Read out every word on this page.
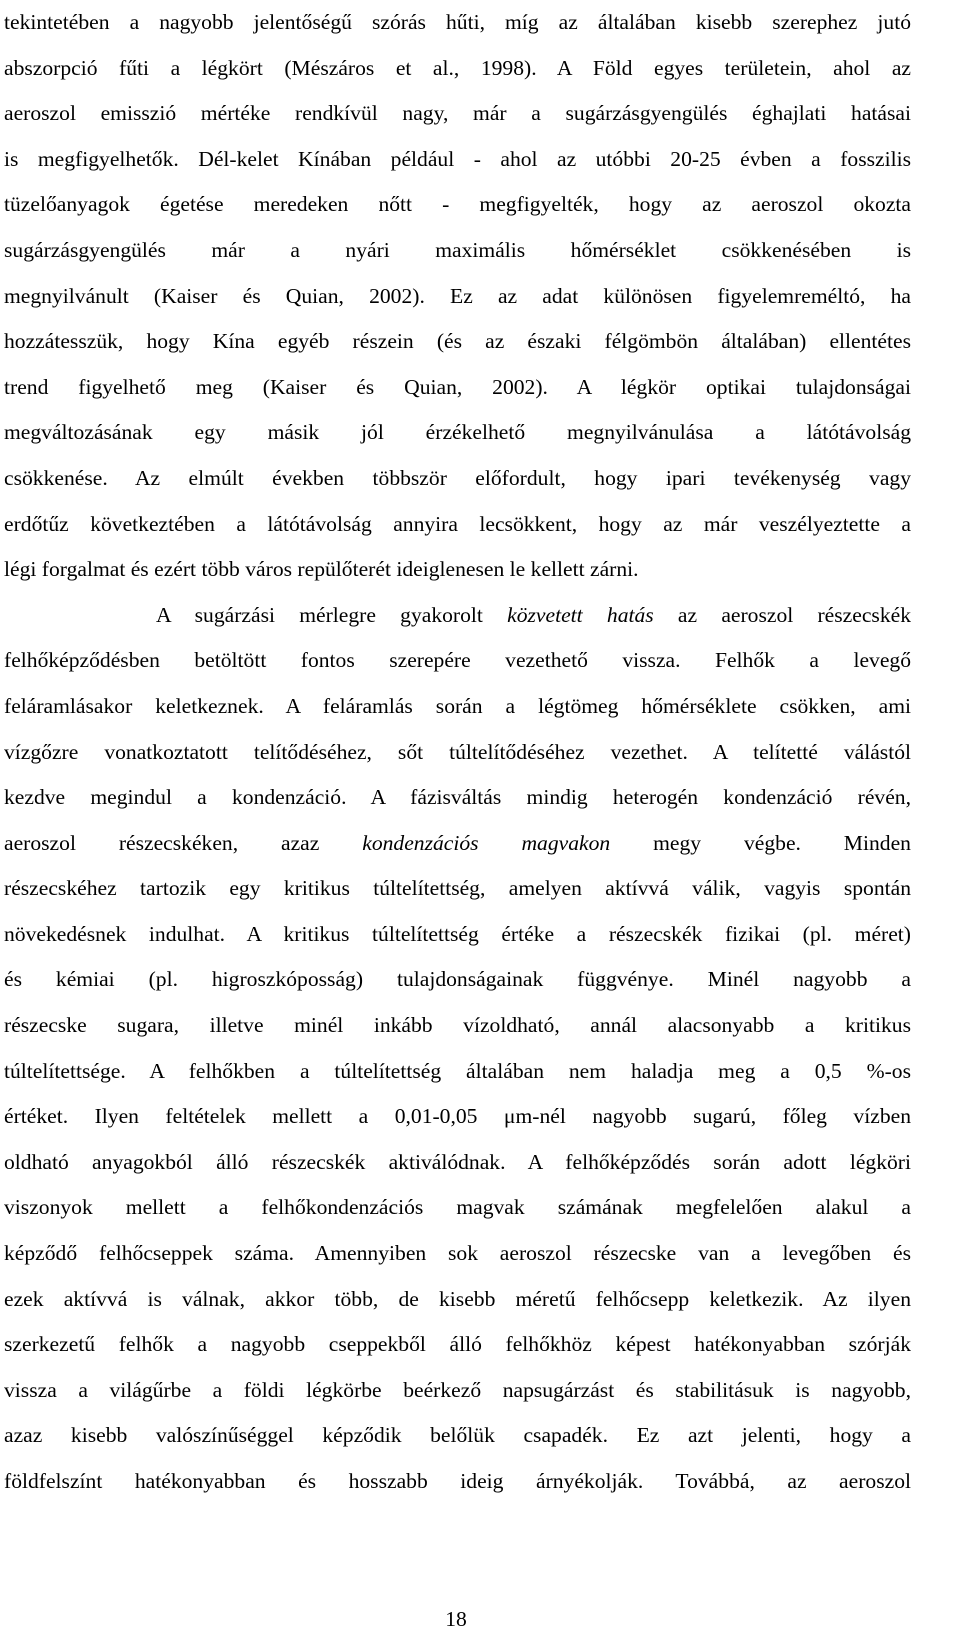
tekintetében a nagyobb jelentőségű szórás hűti, míg az általában kisebb szerephez jutó
abszorpció fűti a légkört (Mészáros et al., 1998). A Föld egyes területein, ahol az
aeroszol emisszió mértéke rendkívül nagy, már a sugárzásgyengülés éghajlati hatásai
is megfigyelhetők. Dél-kelet Kínában például - ahol az utóbbi 20-25 évben a fosszilis
tüzelőanyagok égetése meredeken nőtt - megfigyelték, hogy az aeroszol okozta
sugárzásgyengülés már a nyári maximális hőmérséklet csökkenésében is
megnyilvánult (Kaiser és Quian, 2002). Ez az adat különösen figyelemreméltó, ha
hozzátesszük, hogy Kína egyéb részein (és az északi félgömbön általában) ellentétes
trend figyelhető meg (Kaiser és Quian, 2002). A légkör optikai tulajdonságai
megváltozásának egy másik jól érzékelhető megnyilvánulása a látótávolság
csökkenése. Az elmúlt években többször előfordult, hogy ipari tevékenység vagy
erdőtűz következtében a látótávolság annyira lecsökkent, hogy az már veszélyeztette a
légi forgalmat és ezért több város repülőterét ideiglenesen le kellett zárni.
A sugárzási mérlegre gyakorolt közvetett hatás az aeroszol részecskék
felhőképződésben betöltött fontos szerepére vezethető vissza. Felhők a levegő
feláramlásakor keletkeznek. A feláramlás során a légtömeg hőmérséklete csökken, ami
vízgőzre vonatkoztatott telítődéséhez, sőt túltelítődéséhez vezethet. A telítetté válástól
kezdve megindul a kondenzáció. A fázisváltás mindig heterogén kondenzáció révén,
aeroszol részecskéken, azaz kondenzációs magvakon megy végbe. Minden
részecskéhez tartozik egy kritikus túltelítettség, amelyen aktívvá válik, vagyis spontán
növekedésnek indulhat. A kritikus túltelítettség értéke a részecskék fizikai (pl. méret)
és kémiai (pl. higroszkóposság) tulajdonságainak függvénye. Minél nagyobb a
részecske sugara, illetve minél inkább vízoldható, annál alacsonyabb a kritikus
túltelítettsége. A felhőkben a túltelítettség általában nem haladja meg a 0,5 %-os
értéket. Ilyen feltételek mellett a 0,01-0,05 μm-nél nagyobb sugarú, főleg vízben
oldható anyagokból álló részecskék aktiválódnak. A felhőképződés során adott légköri
viszonyok mellett a felhőkondenzációs magvak számának megfelelően alakul a
képződő felhőcseppek száma. Amennyiben sok aeroszol részecske van a levegőben és
ezek aktívvá is válnak, akkor több, de kisebb méretű felhőcsepp keletkezik. Az ilyen
szerkezetű felhők a nagyobb cseppekből álló felhőkhöz képest hatékonyabban szórják
vissza a világűrbe a földi légkörbe beérkező napsugárzást és stabilitásuk is nagyobb,
azaz kisebb valószínűséggel képződik belőlük csapadék. Ez azt jelenti, hogy a
földfelszínt hatékonyabban és hosszabb ideig árnyékolják. Továbbá, az aeroszol
18
